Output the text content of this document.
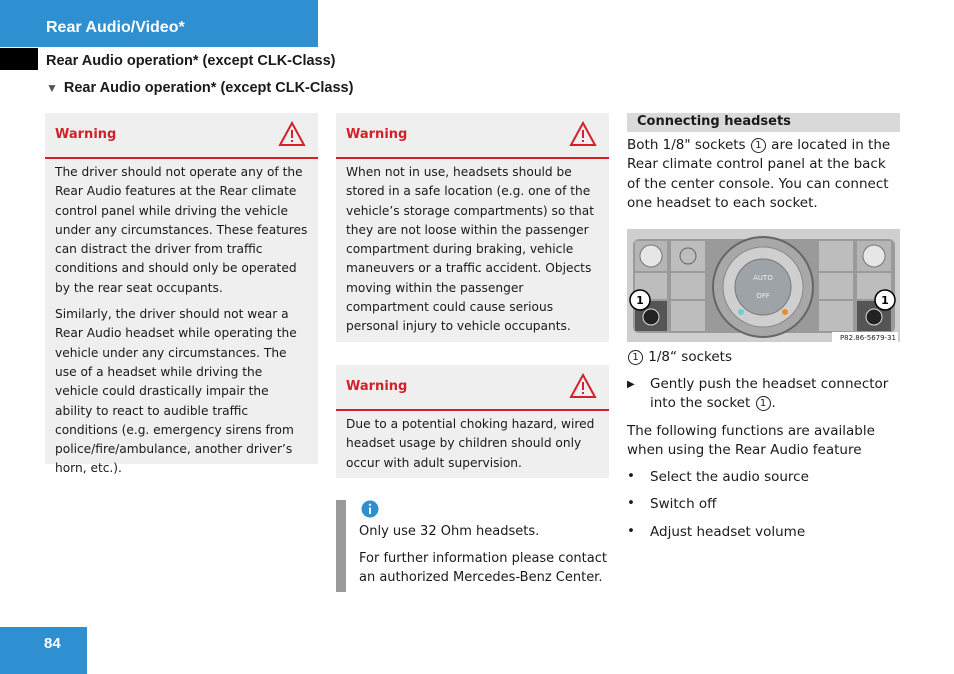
Rear Audio/Video*
Rear Audio operation* (except CLK-Class)
▼ Rear Audio operation* (except CLK-Class)
Warning

The driver should not operate any of the Rear Audio features at the Rear climate control panel while driving the vehicle under any circumstances. These features can distract the driver from traffic conditions and should only be operated by the rear seat occupants.

Similarly, the driver should not wear a Rear Audio headset while operating the vehicle under any circumstances. The use of a headset while driving the vehicle could drastically impair the ability to react to audible traffic conditions (e.g. emergency sirens from police/fire/ambulance, another driver’s horn, etc.).

Warning

When not in use, headsets should be stored in a safe location (e.g. one of the vehicle’s storage compartments) so that they are not loose within the passenger compartment during braking, vehicle maneuvers or a traffic accident. Objects moving within the passenger compartment could cause serious personal injury to vehicle occupants.

Warning

Due to a potential choking hazard, wired headset usage by children should only occur with adult supervision.

Only use 32 Ohm headsets.

For further information please contact an authorized Mercedes-Benz Center.

Connecting headsets
Both 1/8" sockets 1 are located in the Rear climate control panel at the back of the center console. You can connect one headset to each socket.
AUTO
OFF
1	1
P82.86-5679-31
1 1/8“ sockets
▶ Gently push the headset connector into the socket 1 .
The following functions are available when using the Rear Audio feature
• Select the audio source
• Switch off
• Adjust headset volume
84
